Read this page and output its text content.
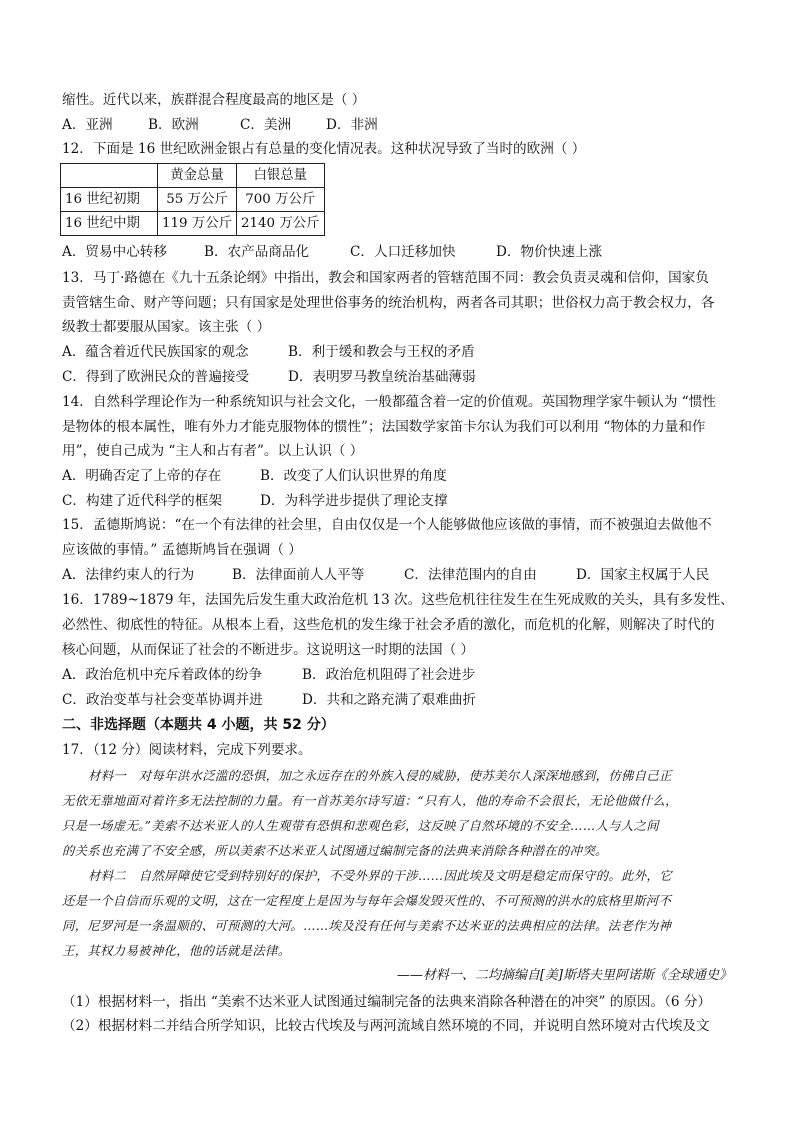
缩性。近代以来，族群混合程度最高的地区是（ ）
A．亚洲	B．欧洲	C．美洲	D．非洲
12．下面是 16 世纪欧洲金银占有总量的变化情况表。这种状况导致了当时的欧洲（ ）
	黄金总量	白银总量
16 世纪初期	55 万公斤	700 万公斤
16 世纪中期	119 万公斤	2140 万公斤
A．贸易中心转移	B．农产品商品化	C．人口迁移加快	D．物价快速上涨
13．马丁·路德在《九十五条论纲》中指出，教会和国家两者的管辖范围不同：教会负责灵魂和信仰，国家负
责管辖生命、财产等问题；只有国家是处理世俗事务的统治机构，两者各司其职；世俗权力高于教会权力，各
级教士都要服从国家。该主张（ ）
A．蕴含着近代民族国家的观念	B．利于缓和教会与王权的矛盾
C．得到了欧洲民众的普遍接受	D．表明罗马教皇统治基础薄弱
14．自然科学理论作为一种系统知识与社会文化，一般都蕴含着一定的价值观。英国物理学家牛顿认为 “惯性
是物体的根本属性，唯有外力才能克服物体的惯性”；法国数学家笛卡尔认为我们可以利用 “物体的力量和作
用”，使自己成为 “主人和占有者”。以上认识（ ）
A．明确否定了上帝的存在	B．改变了人们认识世界的角度
C．构建了近代科学的框架	D．为科学进步提供了理论支撑
15．孟德斯鸠说：“在一个有法律的社会里，自由仅仅是一个人能够做他应该做的事情，而不被强迫去做他不
应该做的事情。” 孟德斯鸠旨在强调（ ）
A．法律约束人的行为	B．法律面前人人平等	C．法律范围内的自由	D．国家主权属于人民
16．1789~1879 年，法国先后发生重大政治危机 13 次。这些危机往往发生在生死成败的关头，具有多发性、
必然性、彻底性的特征。从根本上看，这些危机的发生缘于社会矛盾的激化，而危机的化解，则解决了时代的
核心问题，从而保证了社会的不断进步。这说明这一时期的法国（ ）
A．政治危机中充斥着政体的纷争	B．政治危机阻碍了社会进步
C．政治变革与社会变革协调并进	D．共和之路充满了艰难曲折
二、非选择题（本题共 4 小题，共 52 分）
17．（12 分）阅读材料，完成下列要求。
材料一　对每年洪水泛滥的恐惧，加之永远存在的外族入侵的威胁，使苏美尔人深深地感到，仿佛自己正
无依无靠地面对着许多无法控制的力量。有一首苏美尔诗写道：“只有人，他的寿命不会很长，无论他做什么，
只是一场虚无。”美索不达米亚人的人生观带有恐惧和悲观色彩，这反映了自然环境的不安全……人与人之间
的关系也充满了不安全感，所以美索不达米亚人试图通过编制完备的法典来消除各种潜在的冲突。
材料二　自然屏障使它受到特别好的保护，不受外界的干涉……因此埃及文明是稳定而保守的。此外，它
还是一个自信而乐观的文明，这在一定程度上是因为与每年会爆发毁灭性的、不可预测的洪水的底格里斯河不
同，尼罗河是一条温顺的、可预测的大河。……埃及没有任何与美索不达米亚的法典相应的法律。法老作为神
王，其权力易被神化，他的话就是法律。
——材料一、二均摘编自[美]斯塔夫里阿诺斯《全球通史》
（1）根据材料一，指出 “美索不达米亚人试图通过编制完备的法典来消除各种潜在的冲突” 的原因。（6 分）
（2）根据材料二并结合所学知识，比较古代埃及与两河流域自然环境的不同，并说明自然环境对古代埃及文
